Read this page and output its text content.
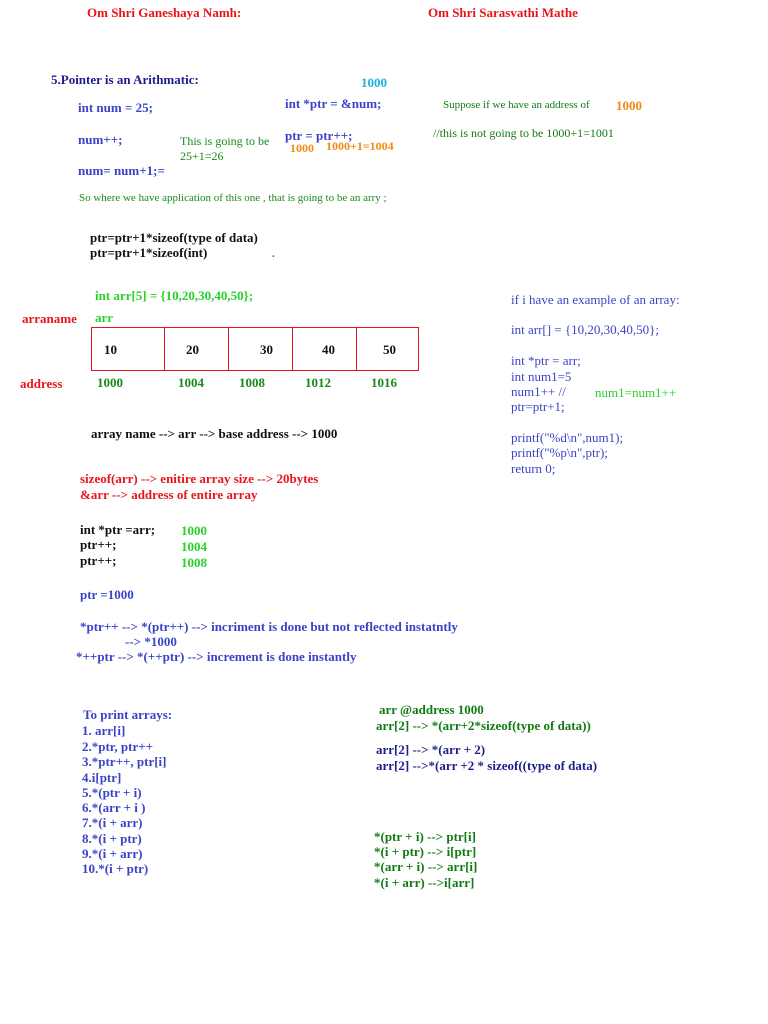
Om Shri Ganeshaya Namh:	Om Shri Sarasvathi Mathe
5.Pointer is an Arithmatic:
int num = 25;
num++;
num= num+1;=
This is going to be
25+1=26
1000
int *ptr = &num;	Suppose if we have an address of 1000
ptr = ptr++;
1000 1000+1=1004
//this is not going to be 1000+1=1001
So where we have application of this one , that is going to be an arry ;
ptr=ptr+1*sizeof(type of data)
ptr=ptr+1*sizeof(int)	.
int arr[5] = {10,20,30,40,50};
arraname arr
10	20	30	40	50
address	1000	1004	1008	1012	1016
array name --> arr --> base address --> 1000
if i have an example of an array:
int arr[] = {10,20,30,40,50};
int *ptr = arr;
int num1=5
num1++ // num1=num1++
ptr=ptr+1;
printf("%d\n",num1);
printf("%p\n",ptr);
return 0;
sizeof(arr) --> enitire array size --> 20bytes
&arr --> address of entire array
int *ptr =arr;
ptr++;
ptr++;
1000
1004
1008
ptr =1000
*ptr++ --> *(ptr++) --> incriment is done but not reflected instatntly
--> *1000
*++ptr --> *(++ptr) --> increment is done instantly
To print arrays:
1. arr[i]
2.*ptr, ptr++
3.*ptr++, ptr[i]
4.i[ptr]
5.*(ptr + i)
6.*(arr + i )
7.*(i + arr)
8.*(i + ptr)
9.*(i + arr)
10.*(i + ptr)
arr @address 1000
arr[2] --> *(arr+2*sizeof(type of data))
arr[2] --> *(arr + 2)
arr[2] -->*(arr +2 * sizeof((type of data)
*(ptr + i) --> ptr[i]
*(i + ptr) --> i[ptr]
*(arr + i) --> arr[i]
*(i + arr) -->i[arr]
